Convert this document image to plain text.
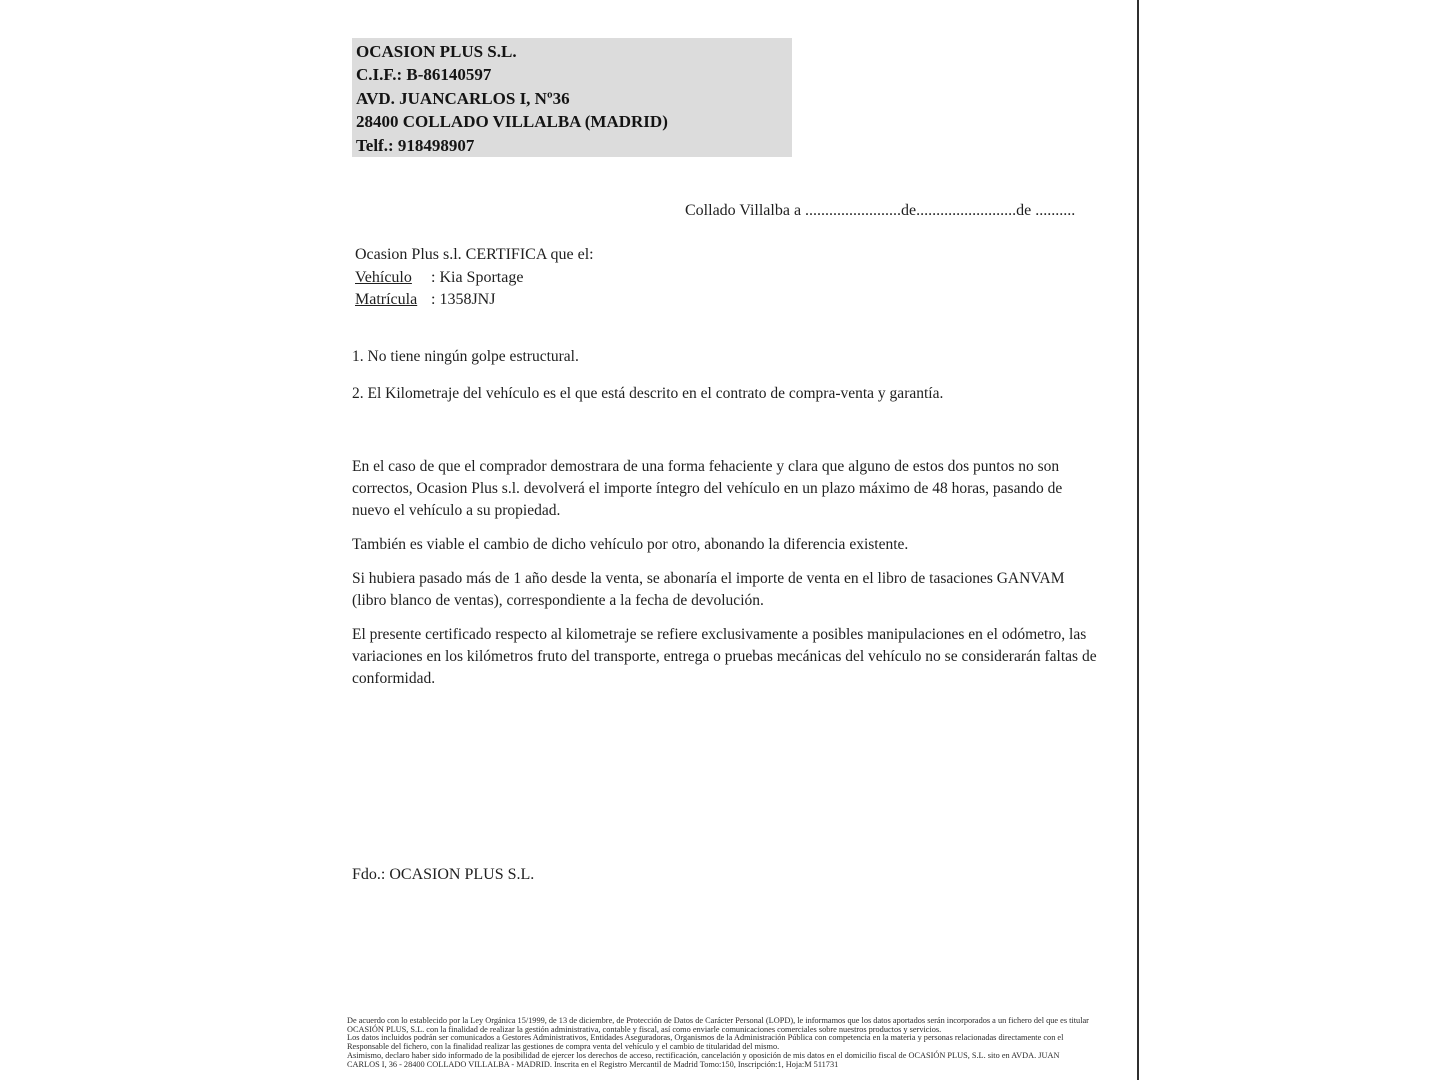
OCASION PLUS S.L.
C.I.F.: B-86140597
AVD. JUANCARLOS I, Nº36
28400 COLLADO VILLALBA (MADRID)
Telf.: 918498907
Collado Villalba a ........................de.........................de ..........
Ocasion Plus s.l. CERTIFICA que el:
Vehículo : Kia Sportage
Matrícula : 1358JNJ
1. No tiene ningún golpe estructural.
2. El Kilometraje del vehículo es el que está descrito en el contrato de compra-venta y garantía.
En el caso de que el comprador demostrara de una forma fehaciente y clara que alguno de estos dos puntos no son correctos, Ocasion Plus s.l. devolverá el importe íntegro del vehículo en un plazo máximo de 48 horas, pasando de nuevo el vehículo a su propiedad.
También es viable el cambio de dicho vehículo por otro, abonando la diferencia existente.
Si hubiera pasado más de 1 año desde la venta, se abonaría el importe de venta en el libro de tasaciones GANVAM (libro blanco de ventas), correspondiente a la fecha de devolución.
El presente certificado respecto al kilometraje se refiere exclusivamente a posibles manipulaciones en el odómetro, las variaciones en los kilómetros fruto del transporte, entrega o pruebas mecánicas del vehículo no se considerarán faltas de conformidad.
Fdo.: OCASION PLUS S.L.
De acuerdo con lo establecido por la Ley Orgánica 15/1999, de 13 de diciembre, de Protección de Datos de Carácter Personal (LOPD), le informamos que los datos aportados serán incorporados a un fichero del que es titular
OCASIÓN PLUS, S.L. con la finalidad de realizar la gestión administrativa, contable y fiscal, así como enviarle comunicaciones comerciales sobre nuestros productos y servicios.
Los datos incluidos podrán ser comunicados a Gestores Administrativos, Entidades Aseguradoras, Organismos de la Administración Pública con competencia en la materia y personas relacionadas directamente con el
Responsable del fichero, con la finalidad realizar las gestiones de compra venta del vehículo y el cambio de titularidad del mismo.
Asimismo, declaro haber sido informado de la posibilidad de ejercer los derechos de acceso, rectificación, cancelación y oposición de mis datos en el domicilio fiscal de OCASIÓN PLUS, S.L. sito en AVDA. JUAN
CARLOS I, 36 - 28400 COLLADO VILLALBA - MADRID. Inscrita en el Registro Mercantil de Madrid Tomo:150, Inscripción:1, Hoja:M 511731
